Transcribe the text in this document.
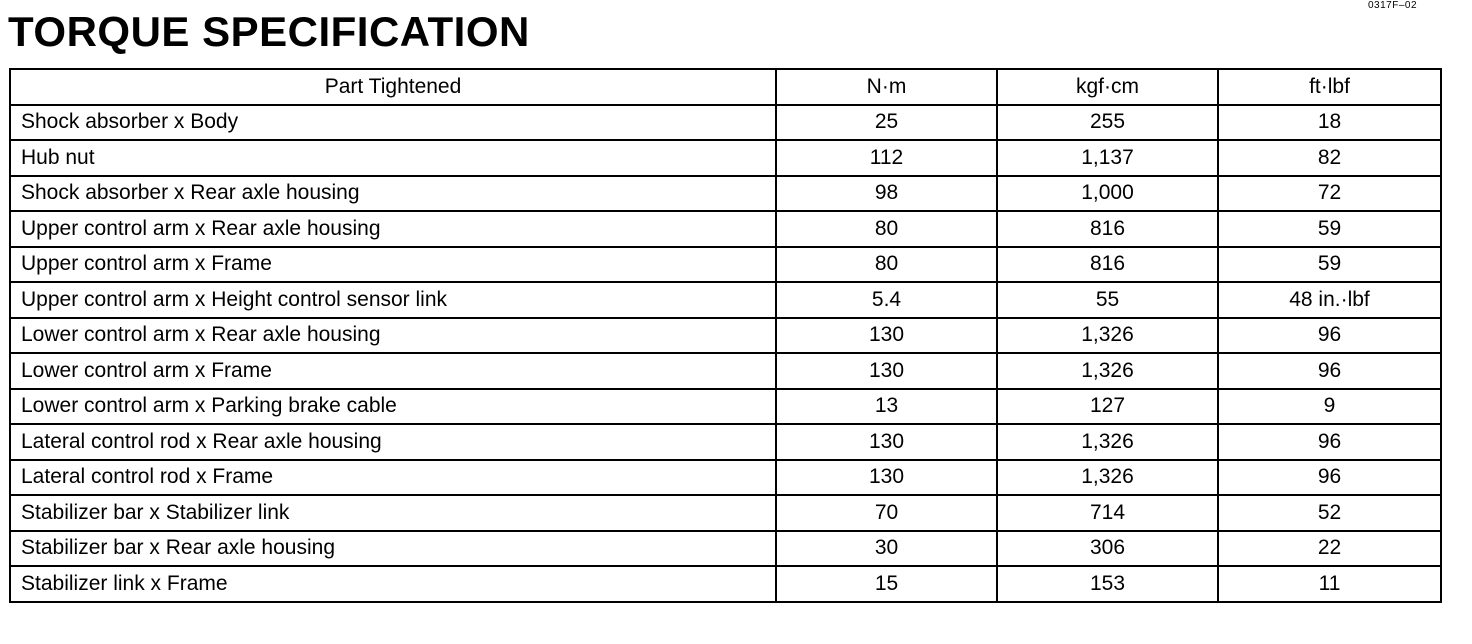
0317F–02
TORQUE SPECIFICATION
Part Tightened	N·m	kgf·cm	ft·lbf
Shock absorber x Body	25	255	18
Hub nut	112	1,137	82
Shock absorber x Rear axle housing	98	1,000	72
Upper control arm x Rear axle housing	80	816	59
Upper control arm x Frame	80	816	59
Upper control arm x Height control sensor link	5.4	55	48 in.·lbf
Lower control arm x Rear axle housing	130	1,326	96
Lower control arm x Frame	130	1,326	96
Lower control arm x Parking brake cable	13	127	9
Lateral control rod x Rear axle housing	130	1,326	96
Lateral control rod x Frame	130	1,326	96
Stabilizer bar x Stabilizer link	70	714	52
Stabilizer bar x Rear axle housing	30	306	22
Stabilizer link x Frame	15	153	11
